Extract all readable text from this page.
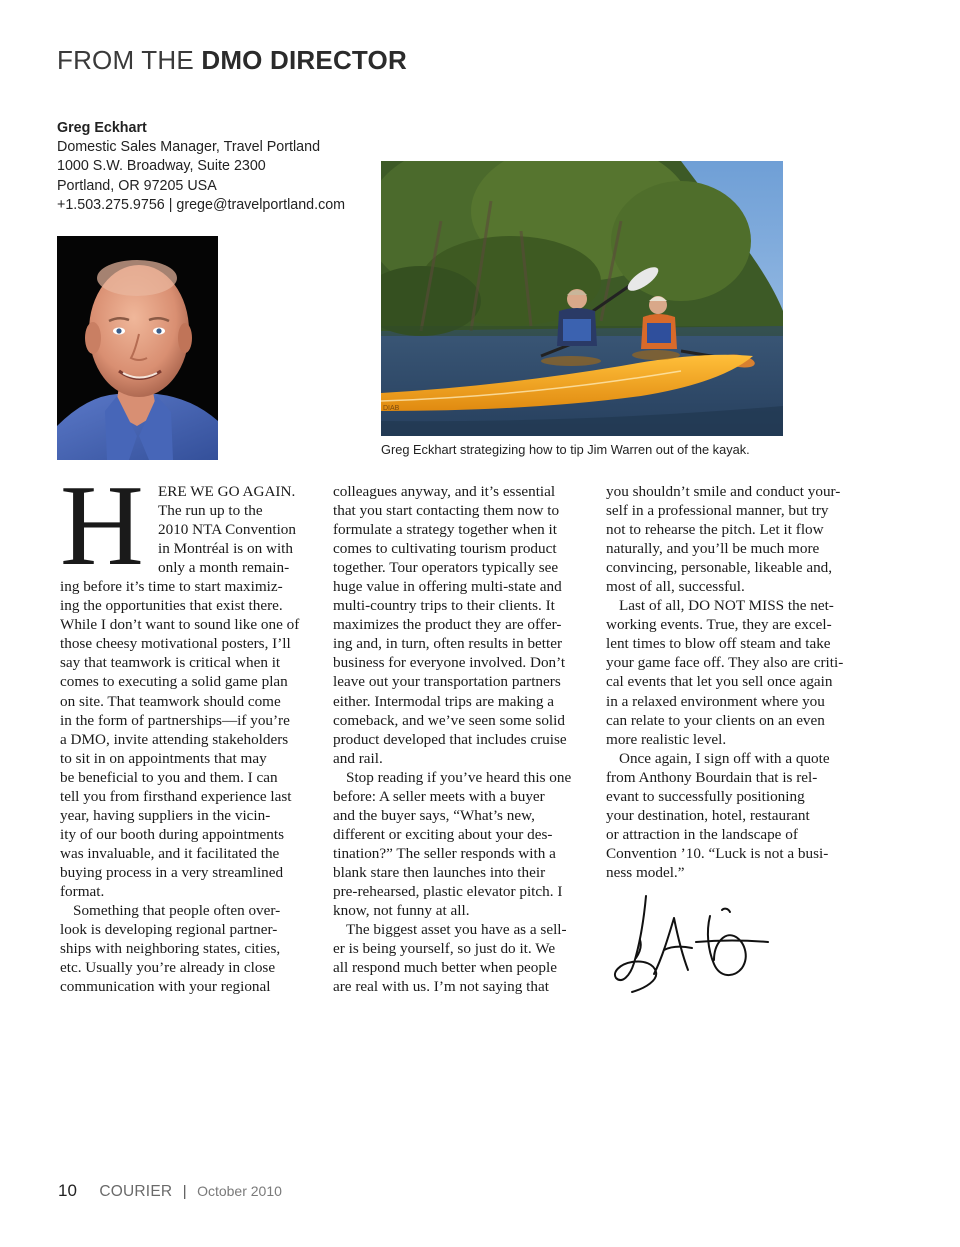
FROM THE DMO DIRECTOR
Greg Eckhart
Domestic Sales Manager, Travel Portland
1000 S.W. Broadway, Suite 2300
Portland, OR 97205 USA
+1.503.275.9756 | grege@travelportland.com
DIAB
Greg Eckhart strategizing how to tip Jim Warren out of the kayak.
H ERE WE GO AGAIN.
The run up to the
2010 NTA Convention
in Montréal is on with
only a month remain-
ing before it’s time to start maximiz-
ing the opportunities that exist there.
While I don’t want to sound like one of
those cheesy motivational posters, I’ll
say that teamwork is critical when it
comes to executing a solid game plan
on site. That teamwork should come
in the form of partnerships—if you’re
a DMO, invite attending stakeholders
to sit in on appointments that may
be beneficial to you and them. I can
tell you from firsthand experience last
year, having suppliers in the vicin-
ity of our booth during appointments
was invaluable, and it facilitated the
buying process in a very streamlined
format.
Something that people often over-
look is developing regional partner-
ships with neighboring states, cities,
etc. Usually you’re already in close
communication with your regional
colleagues anyway, and it’s essential
that you start contacting them now to
formulate a strategy together when it
comes to cultivating tourism product
together. Tour operators typically see
huge value in offering multi-state and
multi-country trips to their clients. It
maximizes the product they are offer-
ing and, in turn, often results in better
business for everyone involved. Don’t
leave out your transportation partners
either. Intermodal trips are making a
comeback, and we’ve seen some solid
product developed that includes cruise
and rail.
Stop reading if you’ve heard this one
before: A seller meets with a buyer
and the buyer says, “What’s new,
different or exciting about your des-
tination?” The seller responds with a
blank stare then launches into their
pre-rehearsed, plastic elevator pitch. I
know, not funny at all.
The biggest asset you have as a sell-
er is being yourself, so just do it. We
all respond much better when people
are real with us. I’m not saying that
you shouldn’t smile and conduct your-
self in a professional manner, but try
not to rehearse the pitch. Let it flow
naturally, and you’ll be much more
convincing, personable, likeable and,
most of all, successful.
Last of all, DO NOT MISS the net-
working events. True, they are excel-
lent times to blow off steam and take
your game face off. They also are criti-
cal events that let you sell once again
in a relaxed environment where you
can relate to your clients on an even
more realistic level.
Once again, I sign off with a quote
from Anthony Bourdain that is rel-
evant to successfully positioning
your destination, hotel, restaurant
or attraction in the landscape of
Convention ’10. “Luck is not a busi-
ness model.”
10 COURIER | October 2010
